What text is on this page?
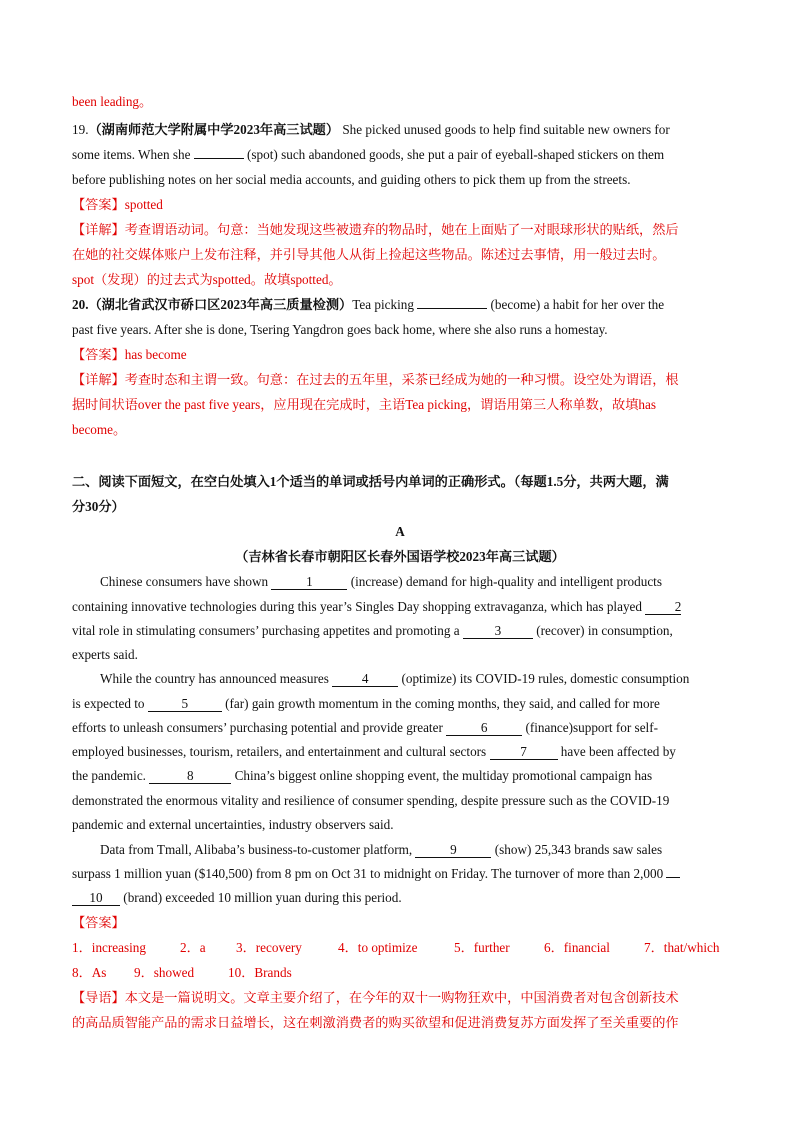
been leading。
19.（湖南师范大学附属中学2023年高三试题） She picked unused goods to help find suitable new owners for
some items. When she	(spot) such abandoned goods, she put a pair of eyeball-shaped stickers on them
before publishing notes on her social media accounts, and guiding others to pick them up from the streets.
【答案】spotted
【详解】考查谓语动词。句意：当她发现这些被遗弃的物品时，她在上面贴了一对眼球形状的贴纸，然后
在她的社交媒体账户上发布注释，并引导其他人从街上捡起这些物品。陈述过去事情，用一般过去时。
spot（发现）的过去式为spotted。故填spotted。
20.（湖北省武汉市硚口区2023年高三质量检测）Tea picking	(become) a habit for her over the
past five years. After she is done, Tsering Yangdron goes back home, where she also runs a homestay.
【答案】has become
【详解】考查时态和主谓一致。句意：在过去的五年里，采茶已经成为她的一种习惯。设空处为谓语，根
据时间状语over the past five years，应用现在完成时，主语Tea picking，谓语用第三人称单数，故填has
become。
二、阅读下面短文，在空白处填入1个适当的单词或括号内单词的正确形式。（每题1.5分，共两大题，满
分30分）
A
（吉林省长春市朝阳区长春外国语学校2023年高三试题）
Chinese consumers have shown	1	(increase) demand for high-quality and intelligent products
containing innovative technologies during this year’s Singles Day shopping extravaganza, which has played 2
vital role in stimulating consumers’ purchasing appetites and promoting a	3	(recover) in consumption,
experts said.
While the country has announced measures	4	(optimize) its COVID-19 rules, domestic consumption
is expected to	5	(far) gain growth momentum in the coming months, they said, and called for more
efforts to unleash consumers’ purchasing potential and provide greater	6	(finance)support for self-
employed businesses, tourism, retailers, and entertainment and cultural sectors	7	have been affected by
the pandemic.	8	China’s biggest online shopping event, the multiday promotional campaign has
demonstrated the enormous vitality and resilience of consumer spending, despite pressure such as the COVID-19
pandemic and external uncertainties, industry observers said.
Data from Tmall, Alibaba’s business-to-customer platform,	9	(show) 25,343 brands saw sales
surpass 1 million yuan ($140,500) from 8 pm on Oct 31 to midnight on Friday. The turnover of more than 2,000
10 (brand) exceeded 10 million yuan during this period.
【答案】
1．increasing	2．a 3．recovery	4．to optimize	5．further	6．financial	7．that/which
8．As 9．showed	10．Brands
【导语】本文是一篇说明文。文章主要介绍了，在今年的双十一购物狂欢中，中国消费者对包含创新技术
的高品质智能产品的需求日益增长，这在刺激消费者的购买欲望和促进消费复苏方面发挥了至关重要的作
